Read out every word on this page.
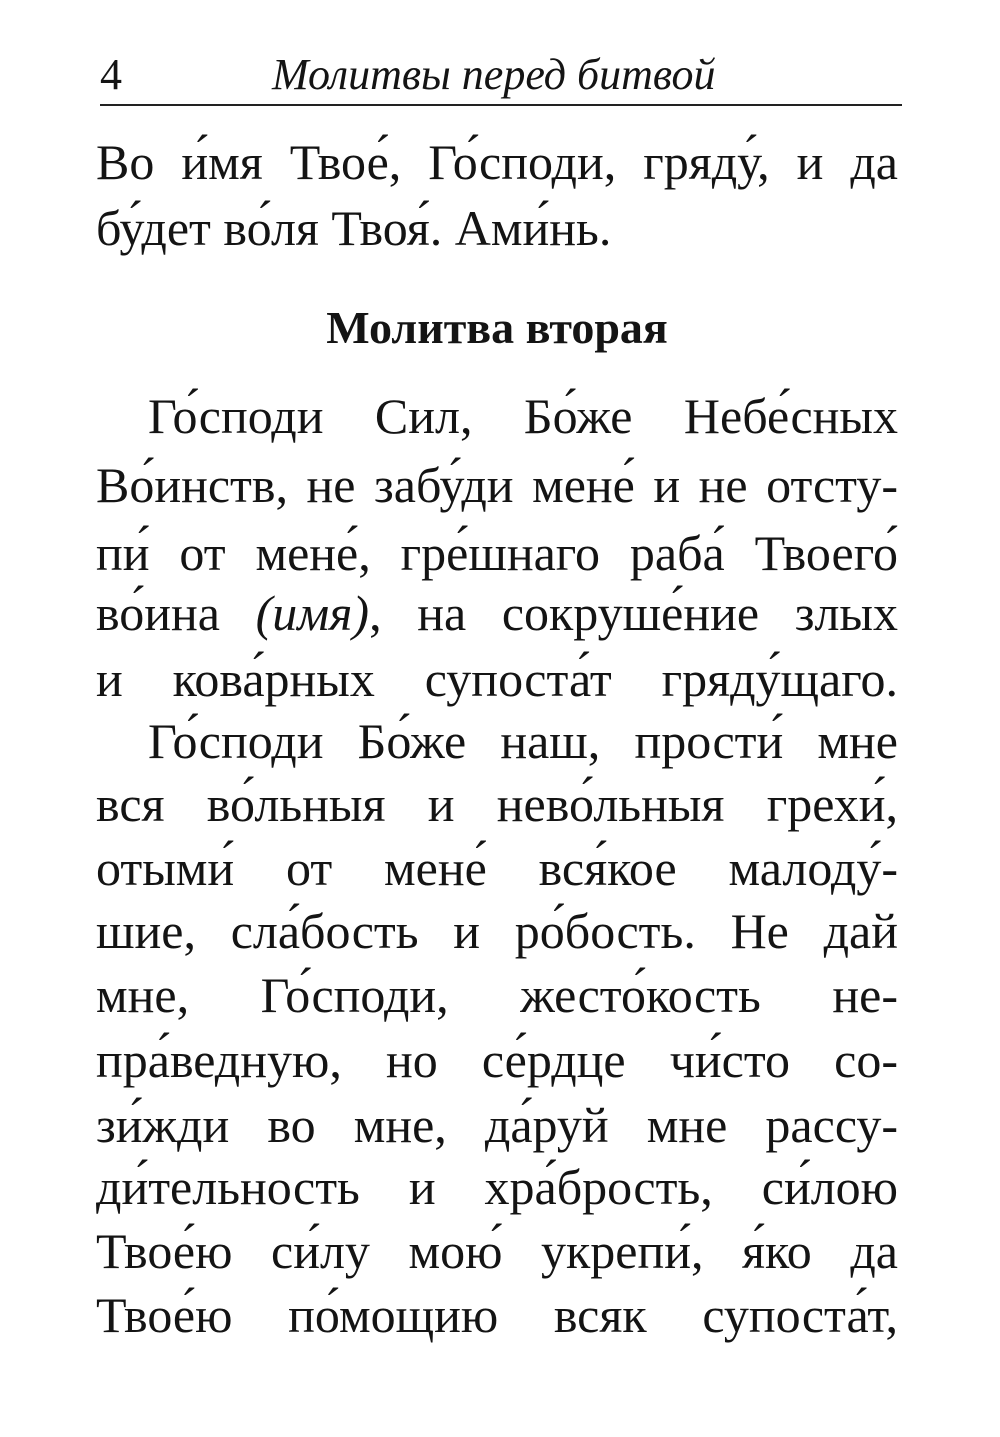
4	Молитвы перед битвой
Во и́мя Твое́, Го́споди, гряду́, и да
бу́дет во́ля Твоя́. Ами́нь.
Молитва вторая
Го́споди Сил, Бо́же Небе́сных
Во́инств, не забу́ди мене́ и не отсту-
пи́ от мене́, гре́шнаго раба́ Твоего́
во́ина (имя), на сокруше́ние злых
и кова́рных супоста́т гряду́щаго.
Го́споди Бо́же наш, прости́ мне
вся во́льныя и нево́льныя грехи́,
отыми́ от мене́ вся́кое малоду́-
шие, сла́бость и ро́бость. Не дай
мне, Го́споди, жесто́кость не-
пра́ведную, но се́рдце чи́сто со-
зи́жди во мне, да́руй мне рассу-
ди́тельность и хра́брость, си́лою
Твое́ю си́лу мою́ укрепи́, я́ко да
Твое́ю по́мощию всяк супоста́т,
